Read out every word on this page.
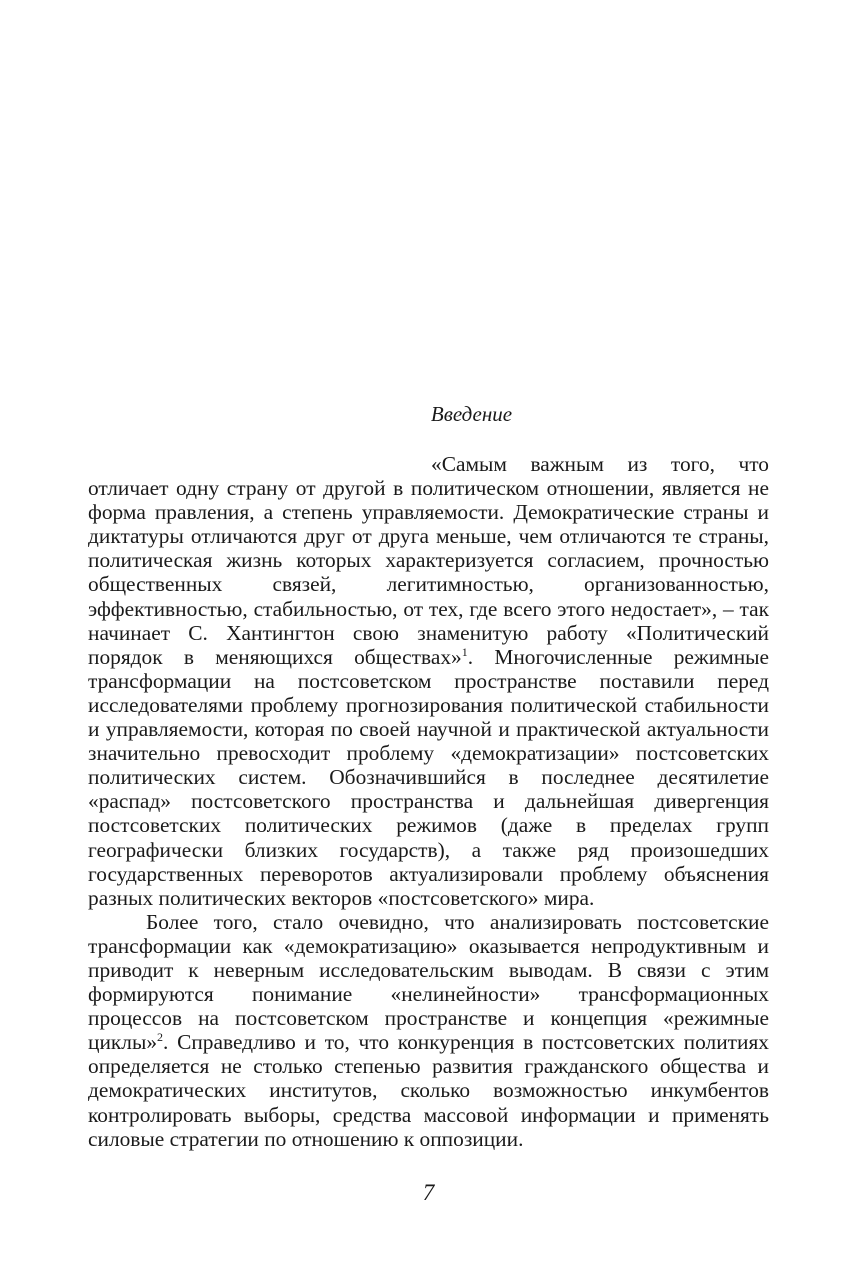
Введение

«Самым важным из того, что отличает одну страну от другой в политическом отношении, является не форма правления, а степень управляемости. Демократические страны и диктатуры отличаются друг от друга меньше, чем отличаются те страны, политическая жизнь которых характеризуется согласием, прочностью общественных связей, легитимностью, организованностью, эффективностью, стабильностью, от тех, где всего этого недостает», – так начинает С. Хантингтон свою знаменитую работу «Политический порядок в меняющихся обществах»$^1$. Многочисленные режимные трансформации на постсоветском пространстве поставили перед исследователями проблему прогнозирования политической стабильности и управляемости, которая по своей научной и практической актуальности значительно превосходит проблему «демократизации» постсоветских политических систем. Обозначившийся в последнее десятилетие «распад» постсоветского пространства и дальнейшая дивергенция постсоветских политических режимов (даже в пределах групп географически близких государств), а также ряд произошедших государственных переворотов актуализировали проблему объяснения разных политических векторов «постсоветского» мира.

Более того, стало очевидно, что анализировать постсоветские трансформации как «демократизацию» оказывается непродуктивным и приводит к неверным исследовательским выводам. В связи с этим формируются понимание «нелинейности» трансформационных процессов на постсоветском пространстве и концепция «режимные циклы»$^2$. Справедливо и то, что конкуренция в постсоветских политиях определяется не столько степенью развития гражданского общества и демократических институтов, сколько возможностью инкумбентов контролировать выборы, средства массовой информации и применять силовые стратегии по отношению к оппозиции.

7
